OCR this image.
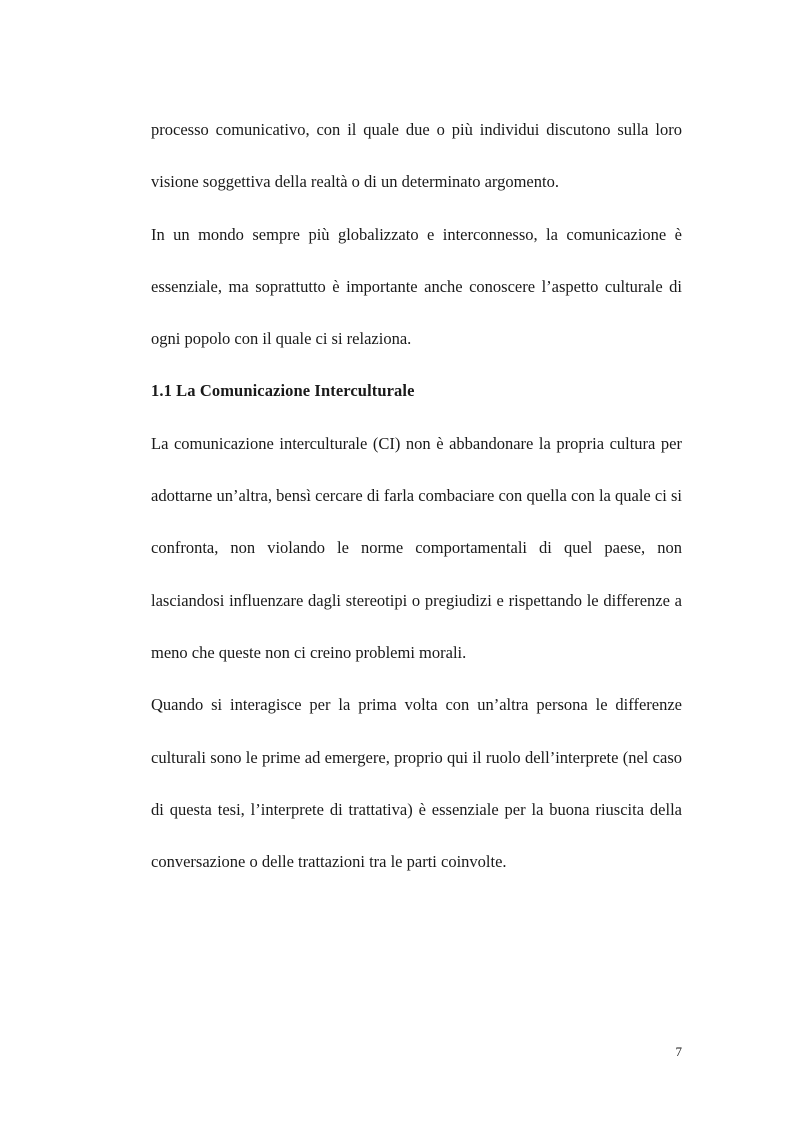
processo comunicativo, con il quale due o più individui discutono sulla loro visione soggettiva della realtà o di un determinato argomento.

In un mondo sempre più globalizzato e interconnesso, la comunicazione è essenziale, ma soprattutto è importante anche conoscere l’aspetto culturale di ogni popolo con il quale ci si relaziona.

1.1 La Comunicazione Interculturale

La comunicazione interculturale (CI) non è abbandonare la propria cultura per adottarne un’altra, bensì cercare di farla combaciare con quella con la quale ci si confronta, non violando le norme comportamentali di quel paese, non lasciandosi influenzare dagli stereotipi o pregiudizi e rispettando le differenze a meno che queste non ci creino problemi morali.

Quando si interagisce per la prima volta con un’altra persona le differenze culturali sono le prime ad emergere, proprio qui il ruolo dell’interprete (nel caso di questa tesi, l’interprete di trattativa) è essenziale per la buona riuscita della conversazione o delle trattazioni tra le parti coinvolte.

7
